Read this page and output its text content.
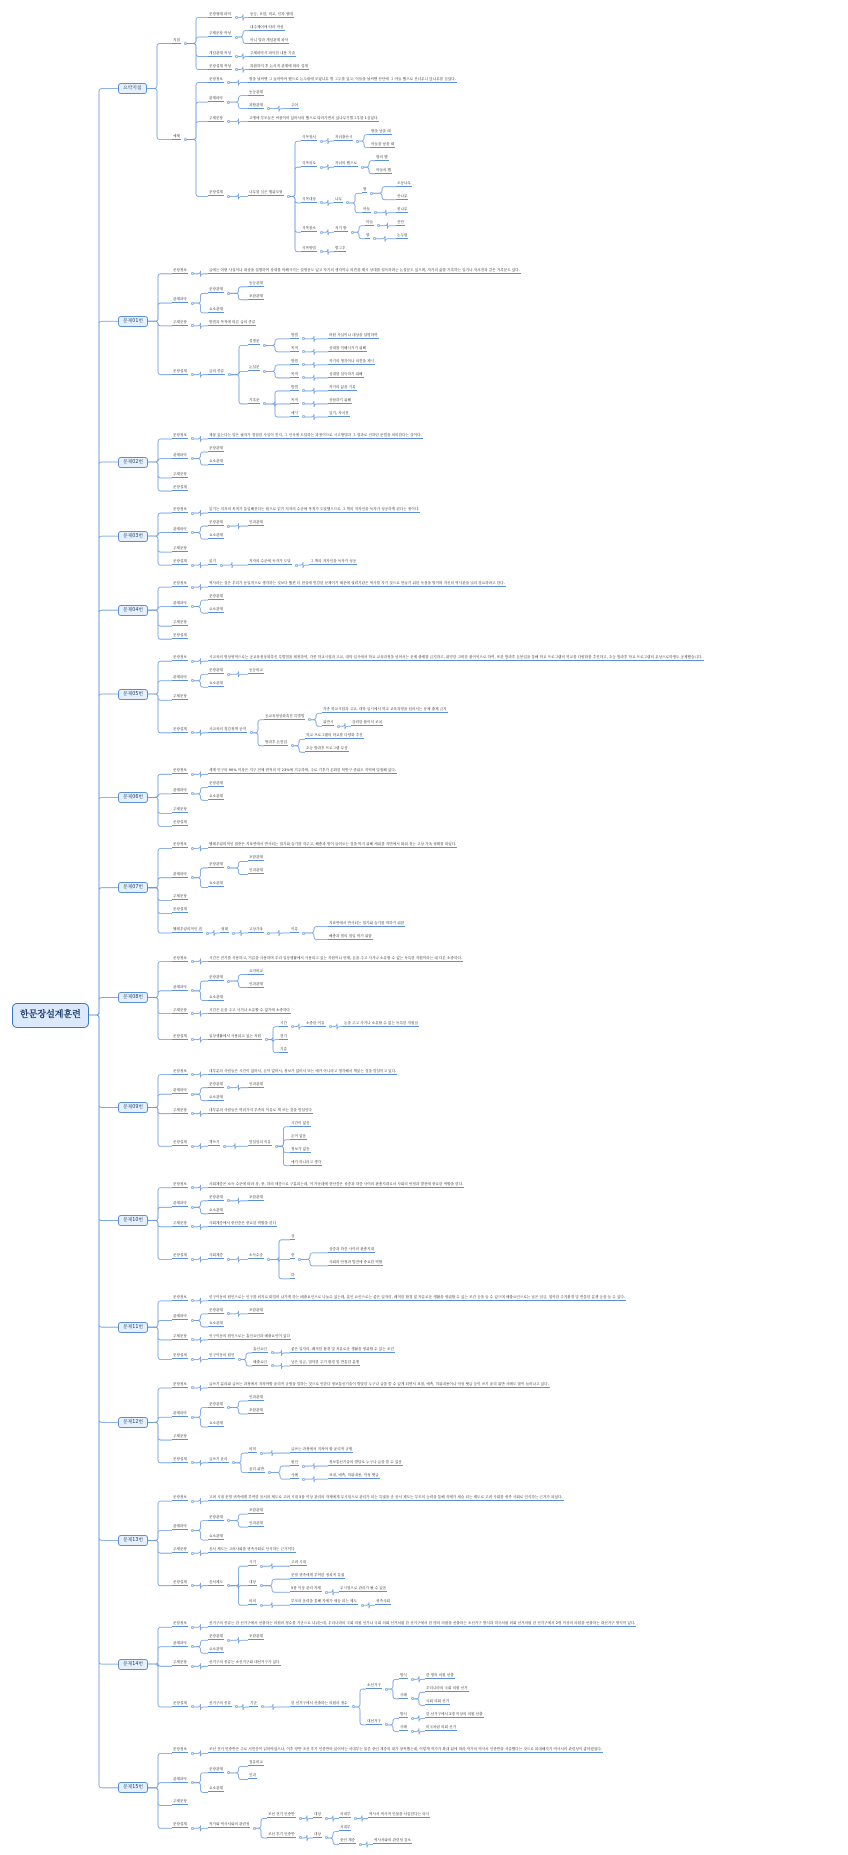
한문장설계훈련
요약지침
지침
문장형태 파악	동등, 포함, 비교, 인과 형태
주제문장 작성
대주제어에 따라 작성
아니 말라 개념관계 파악
개념관계 작성	주제파악시 파악한 내용 기술
문장설계 작성	복잡하지 후 논리적 관계에 따라 설계
예제
문장정보	밤을 날씨엔 그 들어야야 했으로 논두렁에 모였나무 별 그두를 있고, 이들을 날씨엔 산단에 그 아들 했으로 산너무니 앉나무를 심었다.
관계파악
동등관계
복합관계	주어
주제문장	고맹에 부모들은 씨품이어 있어서의 했으로 타라가면서 있나무기별그우를 1심었다.
문장설계	나무를 심은 행위모형
식목장서	자녀출산시
딸을 낳을 때
아들을 낳을 때
식목의로	자녀의 했으로
딸의 했
아들의 했
식목대상	나무
딸
오동나무
산나무
아들	잣나무
식목장소	자기 밭
아들	산단
딸	논두렁
식목방법	별그우
문제01번
문장정보	글에는 어떤 사실이나 대상을 설명하여 상대를 이해시키는 설명문도 있고 자기의 생각이나 의견을 제시 상대를 설득하려는 논설문도 있으며, 자기의 삶를 기록하는 일기나 자서전과 같은 기록문도 있다.
관계파악
문장관계
동등관계
포함관계
요소관계
주제문장	방법과 목적에 따른 글의 종류
문장설계	글의 종류
설명문
방법	어떤 사실이나 대상을 설명하여
목적	상대를 이해시키기 위해
논설문
방법	자기의 생각이나 의견을 제시
목적	상대를 설득하기 위해
기록문
방법	자기의 삶을 기록
목적	상담하기 위해
예시	일기, 자서전
문제02번
문장정보	재물 있는다는 말은 필자가 경험한 사실이 진지, 그 인식에 도달하는 과정이므로 시고방법과 그 결과로 인하던 문법을 의미한다는 것이다.
관계파악
문장관계
요소관계
주제문장
문장설계
문제03번
문장정보	읽기는 저자의 목적가 통입해진다는 원으로 읽기 저자의 수준에 목적가 도달했으므로 그 책의 저자인을 독자가 성공하게 된다는 정이다.
관계파악
문장관계	인과관계
요소관계
주제문장
문장설계	읽기	저자의 수준에 독자가 도달	그 책의 저자인을 독자가 성공
문제04번
문장정보	역사라는 것은 우리가 동일적으로 생각하는 것보다 훨씬 더 현실에 민감한 문제이기 때문에 권력기관은 역사를 자기 것으로 만들기 위한 독점을 벌이며 자신의 역사관을 널리 강요하려고 한다.
관계파악
문장관계
요소관계
주제문장
문장설계
문제05번
문장정보	시교육의 범상영역으로는 공교육정상화촉진 특별법을 제정하여, 각종 학교시험과 고교, 대학 입시에서 학교 교육과정을 넘어서는 문제 출제를 금지하고, 취약한 고비한 불이익으로 하여, 또한 방과후 돈봉업을 통해 학교 프로그램의 학교를 다양화를 추진하고, 초등 방과후 학교 프로그램의 무상으로학생도 공제했습니다.
관계파악
문장관계	동등비교
요소관계
주제문장
문장설계	사교육의 경감정책 공약
공교육정상화촉진 특별법
각종 학교시험과 고교, 대학 입시에서 학교 교육과정을 넘어서는 문제 출제 금지
위반시	강력한 불이익 조치
방과후 돈봉업
학교 프로그램의 학교를 다양화 추진
초등 방과후 프로그램 무상
문제06번
문장정보	세계 인구의 90% 이상은 지구 전체 면적의 약 23%에 거주하며, 주로 기후가 온화한 북반구 중위도 지역에 밀집해 있다.
관계파악
문장관계
요소관계
주제문장
문장설계
문제07번
문장정보	헬레우링의적인 집중은 지표면에서 반사되는 열기와 습기를 자주고, 해충과 벌이 들어오는 것을 막기 위해 세워를 지면에서 떠워 짓는 고상 가옥 형태를 띠었다.
관계파악
문장관계
포함관계
인과관계
요소관계
주제문장
문장설계
헬레우링의적인 집	형태	고상가옥	이유
지표면에서 반사되는 열기와 습기를 막하기 위함
해충과 벌의 침입 막기 위함
문제08번
문장정보	시간은 전기를 사용하고, 기름을 사용하며 우리 일상생활에서 사용되고 있는 자원이나 언제, 돈을 주고 사거나 소유할 수 없는 독특한 자원이라는 데 다른 소중하다.
관계파악
문장관계
요약비교
인과관계
요소관계
주제문장	시간은 돈을 주고 사거나 소유할 수 없기에 소중하다
문장설계	일상생활에서 사용되고 있는 자원
시간	소중한 이유	돈을 주고 사거나 소유할 수 없는 독특한 자원임
전기
기름
문제09번
문장정보	대부분의 사람들은 시간이 없어서, 돈이 없어서, 정보가 없어서 또는 예가 아니라고 생각해서 책읽는 것을 망설이고 있다.
관계파악
문장관계	인과관계
요소관계
주제문장	대부분의 사람들은 여러가지 부족의 이유로 책 쓰는 것을 망설인다
문장설계	책쓰기	망설임의 이유
시간이 없음
돈이 없음
정보가 없음
예가 아니라고 생각
문제10번
문장정보	사회계층은 소득 수준에 따라 상, 중, 하의 세층으로 구분되는데, 이 가운데에 중산층은 상층과 하층 사이의 완충지대로서 사회의 안정과 발전에 중요한 역할을 한다.
관계파악
문장관계	포함관계
요소관계
주제문장	사회계층에서 중산층은 중요한 역할을 한다
문장설계	사회계층	소득수준
상
중
상층과 하층 사이의 완충지대
사회의 안정과 발전에 중요한 역할
하
문제11번
문장정보	인구이동의 원인으로는 인구를 외지로 떠밀어 나가게 하는 배출요인으로 나눌수 있는데, 흡인 요인으로는 좋은 일자리, 쾌적한 환경 및 자유로운 생활을 영위할 수 있는 조건 등을 들 수 있으며 배출요인으로는 낮은 임금, 열악한 주거환경 및 반통한 분쟁 등을 들 수 있다.
관계파악
문장관계	포함관계
요소관계
주제문장	인구이동의 원인으로는 흡인요인과 배출요인이 있다
문장설계	인구이동의 원인
흡인요인	좋은 일자리, 쾌적한 환경 및 자유로운 생활을 영위할 수 있는 조건
배출요인	낮은 임금, 열악한 주거 환경 및 반통한 분쟁
문제12번
문장정보	글쓰기 분리와 글쓰는 과정에서 지켜야할 윤리적 규범을 말하는 것으로 인한다 정보통신기술이 발달한 누구나 글을 쓸 수 있게 되면서 표절, 예측, 허위내용이나 악성 댓글 등이 쓰기 윤리 위반 사례도 많이 늘어나고 있다.
관계파악
문장관계
인과관계
포함관계
요소관계
주제문장
문장설계	글쓰기 윤리
의미	글쓰는 과정에서 지켜야 할 윤리적 규범
윤리 위반
원인	정보통신기술의 발달로 누구나 글을 쓸 수 있음
사례	표절, 예측, 허위내용, 악성 댓글
문제13번
문장정보	고려 시대 문벌 귀족에게 부여한 음서의 제도로 고려 시대 5품 이상 관리의 자제에게 무시험으로 관리가 되는 특권을 준 음서 제도는 부모의 능력을 통해 자제가 세습 되는 제도로 고려 사회를 귀족 사회로 인식하는 근거가 되었다.
관계파악
문장관계
포함관계
인과관계
요소관계
주제문장	음서 제도는 고려사회를 귀족사회로 인식하는 근거이다
문장설계	음서제도
시기	고려 시대
대상
문벌 귀족에게 부여한 정치적 특권
5품 이상 관리 자제	무시험으로 관리가 될 수 있음
의의	부모의 음력을 통해 자제가 세습 되는 제도	귀족사회
문제14번
문장정보	선거구의 종류는 한 선거구에서 선출하는 의원의 정수를 기준으로 나뉘는데, 우리나라의 국회 의원 선거나 국회 의회 선거처럼 한 선거구에서 한 명의 의원을 선출하는 소선거구 방식과 미국처럼 외회 선거처럼 한 선거구에서 2명 이상의 의원을 선출하는 대선거구 방식이 있다.
관계파악
문장관계	포함관계
요소관계
주제문장	선거구의 종류는 소선거구와 대선거구가 있다
문장설계	선거구의 종류	기준	한 선거구에서 선출하는 의원의 정수
소선거구
방식	한 명의 의원 선출
사례
우리나라의 국회 의원 선거
국회 의회 선거
대선거구
방식	한 선거구에서 2명 이상의 의원 선출
사례	미국처럼 의회 선거
문제15번
문장정보	조선 전기 민중반은 주로 서민층이 읽어야었으나, 이후 양반 조선 후기 인중반의 읽어야는 서대부는 물론 중인 계층의 대가 창작했는데, 이렇게 작가가 확대 됨에 따라 작가의 역사서 인중반을 서술했다는 것으로 되대해지기 역사서의 관련성이 좋아졌었다.
관계파악
문장관계
점유비교
인과
요소관계
주제문장
문장설계	작가와 역사서와의 관련성
조선 전기 인중반	대상	서대부	역사서 역사적 인물을 서술한다는 의식
조선 후기 인중반	대상
서대부
중인 계층	역사서와의 관련성 감소
